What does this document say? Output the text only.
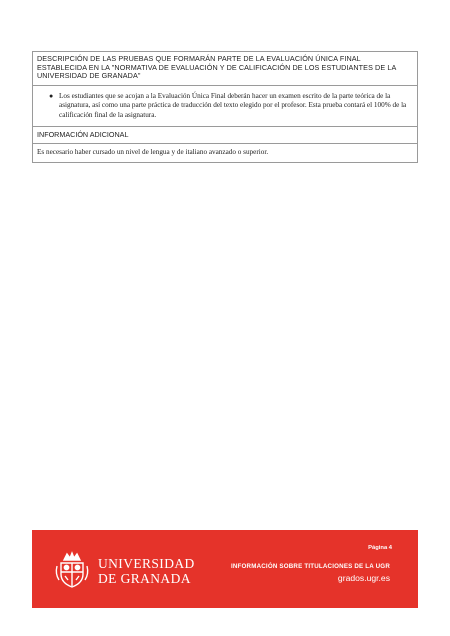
DESCRIPCIÓN DE LAS PRUEBAS QUE FORMARÁN PARTE DE LA EVALUACIÓN ÚNICA FINAL
ESTABLECIDA EN LA "NORMATIVA DE EVALUACIÓN Y DE CALIFICACIÓN DE LOS ESTUDIANTES DE LA
UNIVERSIDAD DE GRANADA"
● Los estudiantes que se acojan a la Evaluación Única Final deberán hacer un examen escrito de la parte teórica de la asignatura, así como una parte práctica de traducción del texto elegido por el profesor. Esta prueba contará el 100% de la calificación final de la asignatura.
INFORMACIÓN ADICIONAL
Es necesario haber cursado un nivel de lengua y de italiano avanzado o superior.
UNIVERSIDAD
DE GRANADA
Página 4
INFORMACIÓN SOBRE TITULACIONES DE LA UGR
grados.ugr.es
